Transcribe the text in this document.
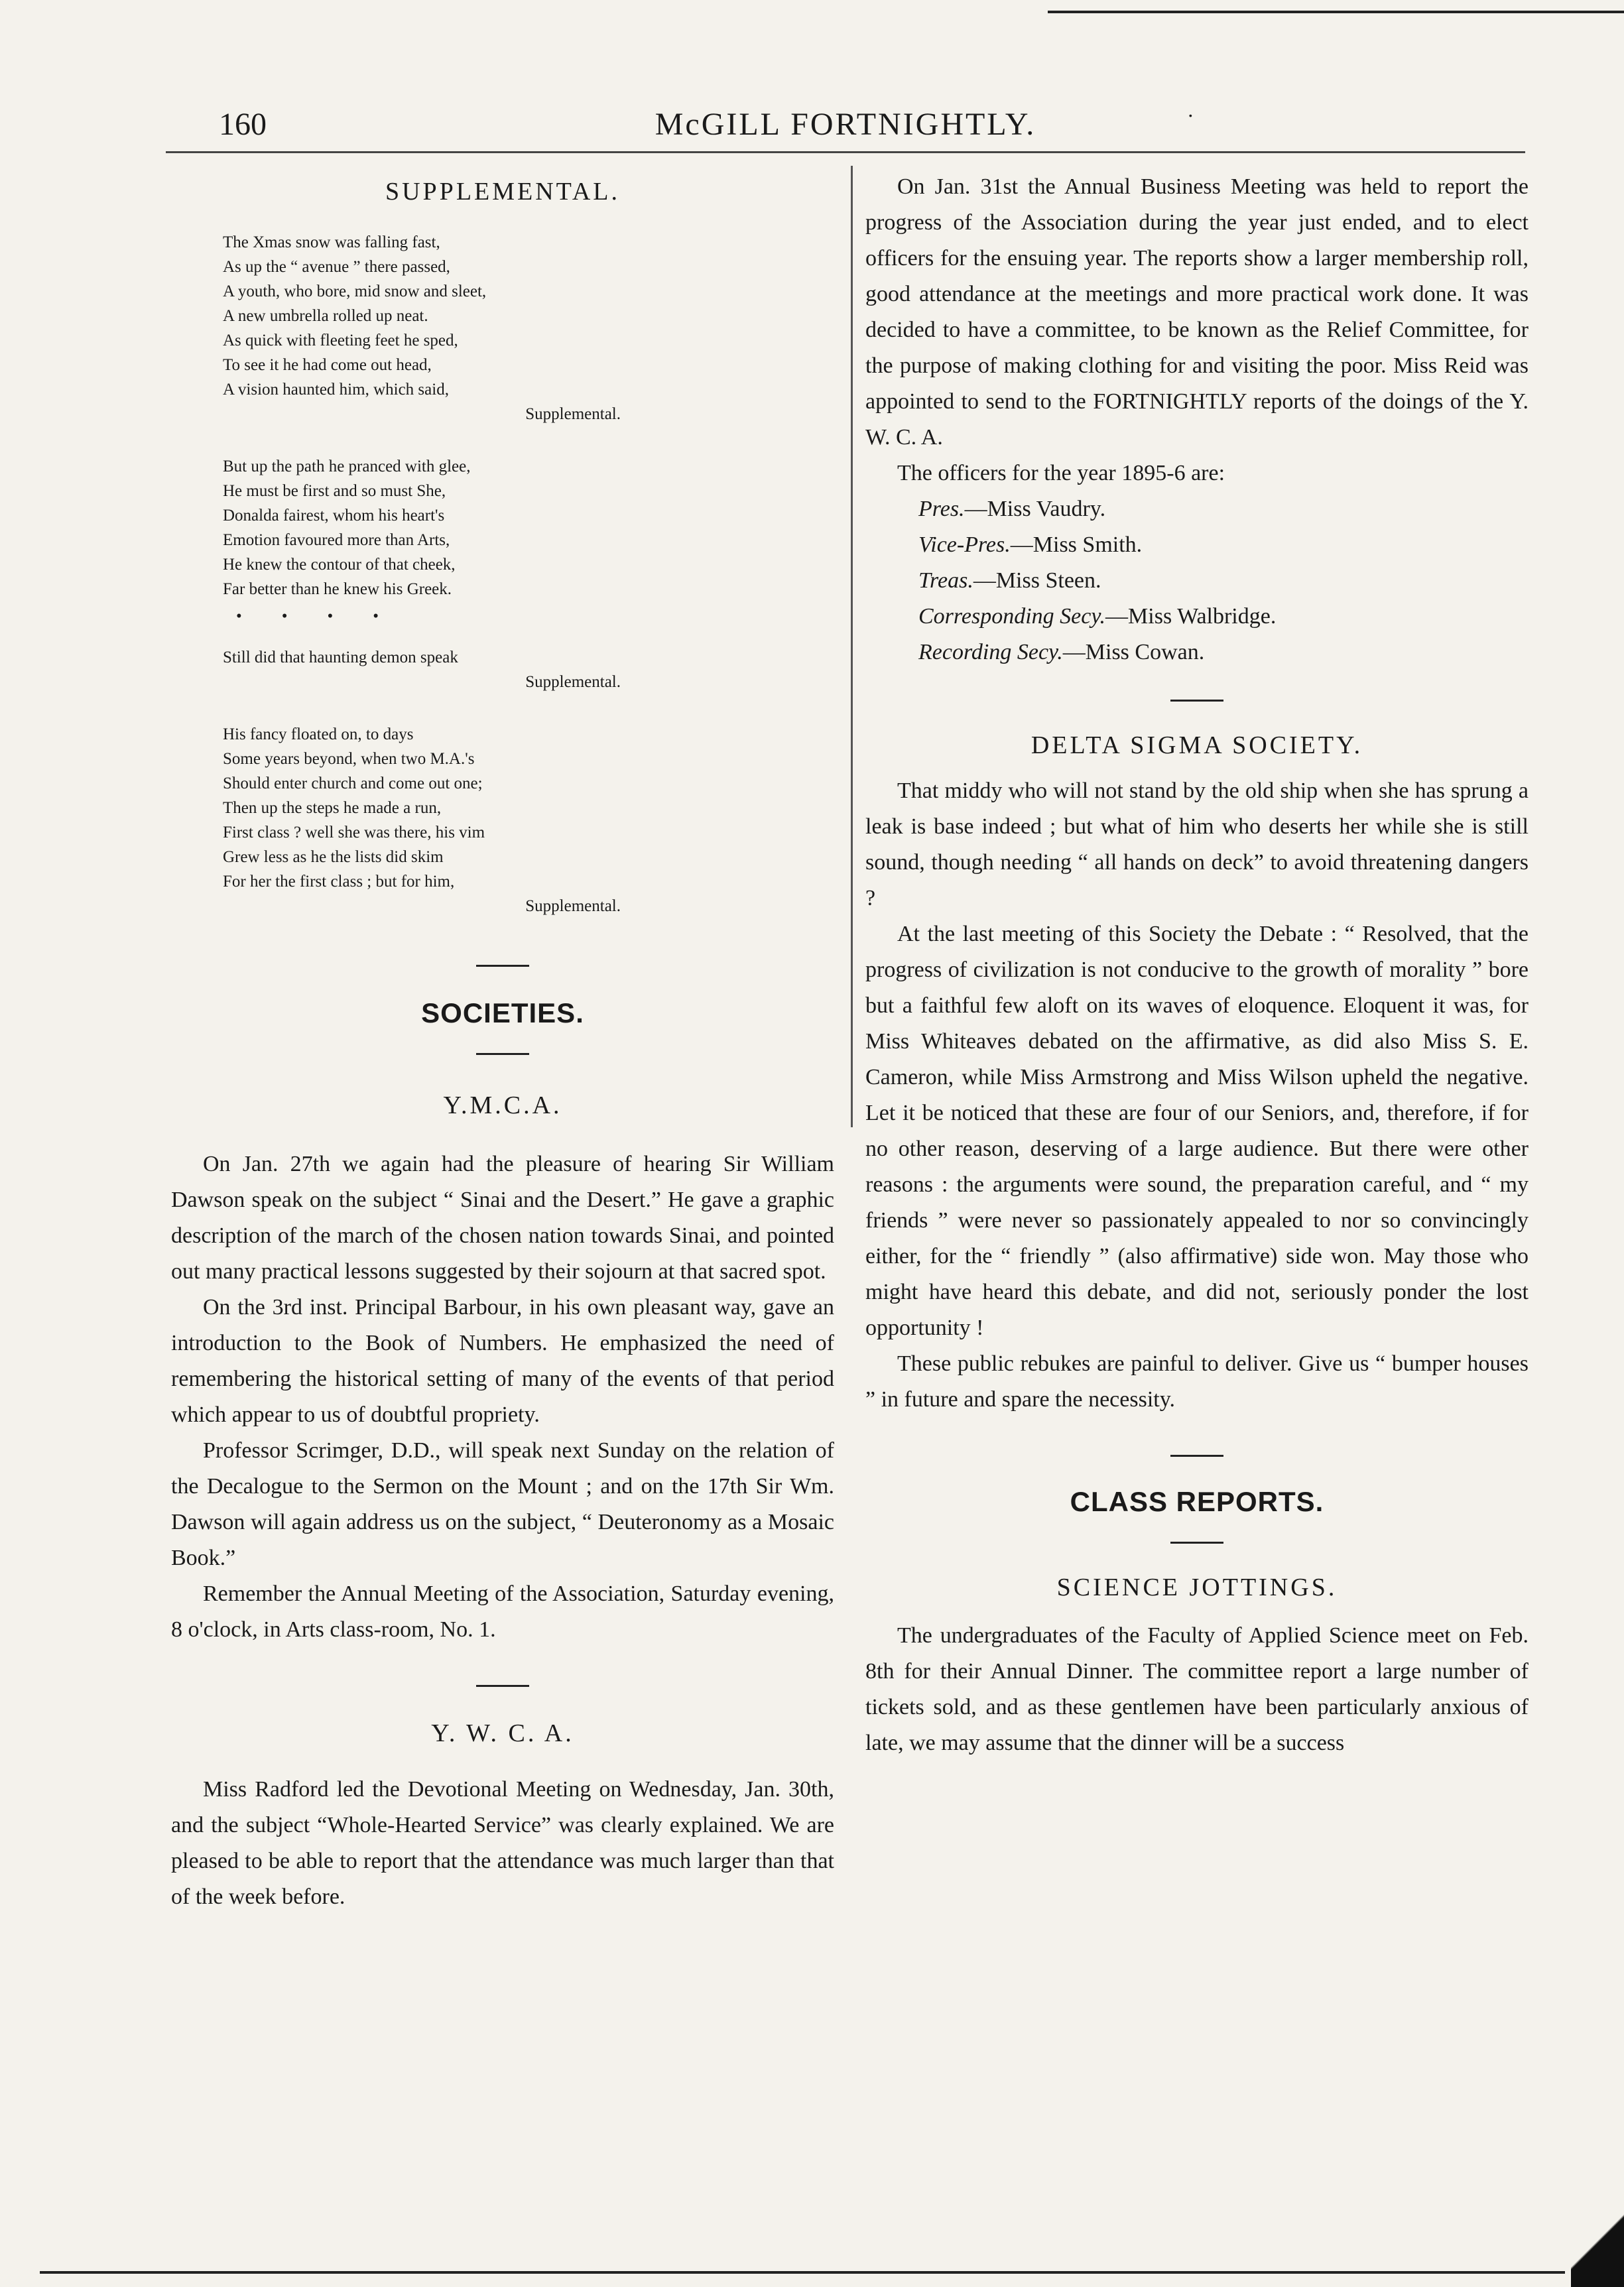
160	McGILL FORTNIGHTLY.	·
SUPPLEMENTAL.
The Xmas snow was falling fast,
As up the “ avenue ” there passed,
A youth, who bore, mid snow and sleet,
A new umbrella rolled up neat.
As quick with fleeting feet he sped,
To see it he had come out head,
A vision haunted him, which said,
Supplemental.
But up the path he pranced with glee,
He must be first and so must She,
Donalda fairest, whom his heart's
Emotion favoured more than Arts,
He knew the contour of that cheek,
Far better than he knew his Greek.
••••
Still did that haunting demon speak
Supplemental.
His fancy floated on, to days
Some years beyond, when two M.A.'s
Should enter church and come out one;
Then up the steps he made a run,
First class ? well she was there, his vim
Grew less as he the lists did skim
For her the first class ; but for him,
Supplemental.
SOCIETIES.
Y.M.C.A.

On Jan. 27th we again had the pleasure of hearing Sir William Dawson speak on the subject “ Sinai and the Desert.” He gave a graphic description of the march of the chosen nation towards Sinai, and pointed out many practical lessons suggested by their sojourn at that sacred spot.

On the 3rd inst. Principal Barbour, in his own pleasant way, gave an introduction to the Book of Numbers. He emphasized the need of remembering the historical setting of many of the events of that period which appear to us of doubtful propriety.

Professor Scrimger, D.D., will speak next Sunday on the relation of the Decalogue to the Sermon on the Mount ; and on the 17th Sir Wm. Dawson will again address us on the subject, “ Deuteronomy as a Mosaic Book.”

Remember the Annual Meeting of the Association, Saturday evening, 8 o'clock, in Arts class-room, No. 1.

Y. W. C. A.

Miss Radford led the Devotional Meeting on Wednesday, Jan. 30th, and the subject “Whole-Hearted Service” was clearly explained. We are pleased to be able to report that the attendance was much larger than that of the week before.

On Jan. 31st the Annual Business Meeting was held to report the progress of the Association during the year just ended, and to elect officers for the ensuing year. The reports show a larger membership roll, good attendance at the meetings and more practical work done. It was decided to have a committee, to be known as the Relief Committee, for the purpose of making clothing for and visiting the poor. Miss Reid was appointed to send to the FORTNIGHTLY reports of the doings of the Y. W. C. A.

The officers for the year 1895-6 are:

Pres.—Miss Vaudry.
Vice-Pres.—Miss Smith.
Treas.—Miss Steen.
Corresponding Secy.—Miss Walbridge.
Recording Secy.—Miss Cowan.
DELTA SIGMA SOCIETY.

That middy who will not stand by the old ship when she has sprung a leak is base indeed ; but what of him who deserts her while she is still sound, though needing “ all hands on deck” to avoid threatening dangers ?

At the last meeting of this Society the Debate : “ Resolved, that the progress of civilization is not conducive to the growth of morality ” bore but a faithful few aloft on its waves of eloquence. Eloquent it was, for Miss Whiteaves debated on the affirmative, as did also Miss S. E. Cameron, while Miss Armstrong and Miss Wilson upheld the negative. Let it be noticed that these are four of our Seniors, and, therefore, if for no other reason, deserving of a large audience. But there were other reasons : the arguments were sound, the preparation careful, and “ my friends ” were never so passionately appealed to nor so convincingly either, for the “ friendly ” (also affirmative) side won. May those who might have heard this debate, and did not, seriously ponder the lost opportunity !

These public rebukes are painful to deliver. Give us “ bumper houses ” in future and spare the necessity.

CLASS REPORTS.
SCIENCE JOTTINGS.

The undergraduates of the Faculty of Applied Science meet on Feb. 8th for their Annual Dinner. The committee report a large number of tickets sold, and as these gentlemen have been particularly anxious of late, we may assume that the dinner will be a success
